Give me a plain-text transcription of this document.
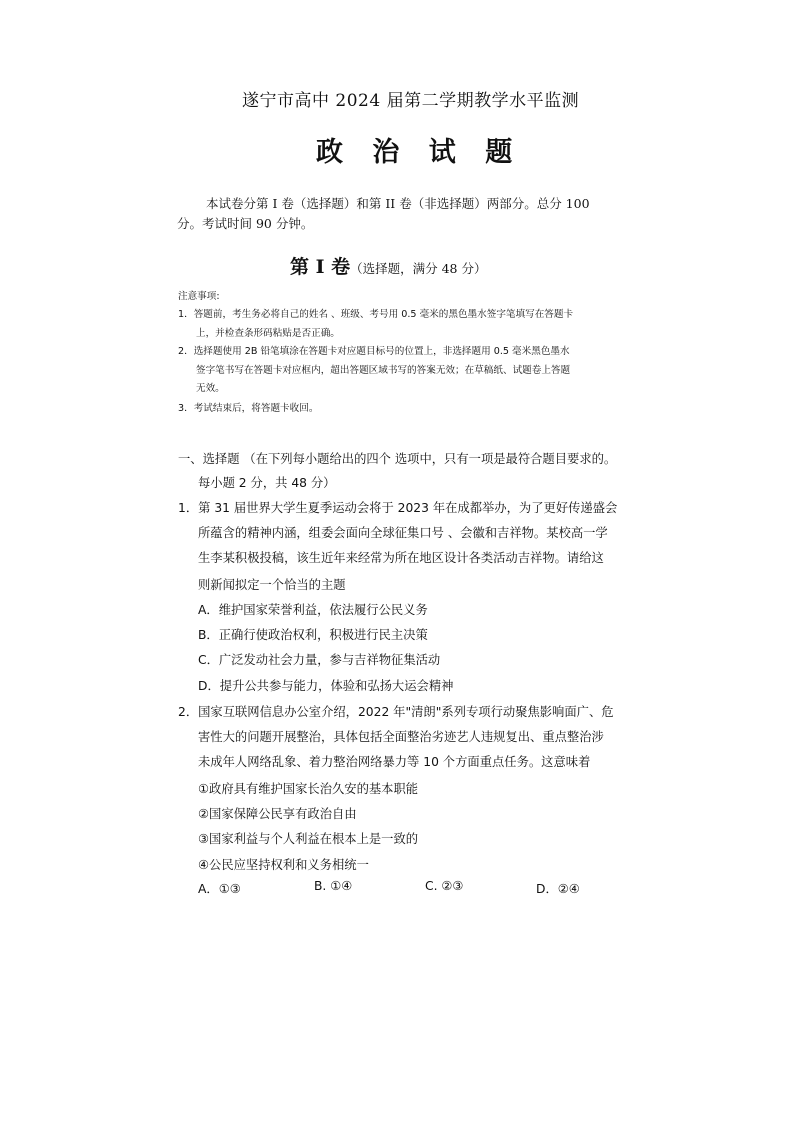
遂宁市高中 2024 届第二学期教学水平监测
政 治 试 题
本试卷分第 I 卷（选择题）和第 II 卷（非选择题）两部分。总分 100
分。考试时间 90 分钟。
第 Ⅰ 卷（选择题，满分 48 分）
注意事项:
1．答题前，考生务必将自己的姓名 、班级、考号用 0.5 毫米的黑色墨水签字笔填写在答题卡
上，并检查条形码粘贴是否正确。
2．选择题使用 2B 铅笔填涂在答题卡对应题目标号的位置上，非选择题用 0.5 毫米黑色墨水
签字笔书写在答题卡对应框内，超出答题区域书写的答案无效；在草稿纸、试题卷上答题
无效。
3．考试结束后，将答题卡收回。
一、选择题 （在下列每小题给出的四个 选项中，只有一项是最符合题目要求的。
每小题 2 分，共 48 分）
1．第 31 届世界大学生夏季运动会将于 2023 年在成都举办，为了更好传递盛会
所蕴含的精神内涵，组委会面向全球征集口号 、会徽和吉祥物。某校高一学
生李某积极投稿，该生近年来经常为所在地区设计各类活动吉祥物。请给这
则新闻拟定一个恰当的主题
A．维护国家荣誉利益，依法履行公民义务
B．正确行使政治权利，积极进行民主决策
C．广泛发动社会力量，参与吉祥物征集活动
D．提升公共参与能力，体验和弘扬大运会精神
2．国家互联网信息办公室介绍，2022 年"清朗"系列专项行动聚焦影响面广、危
害性大的问题开展整治，具体包括全面整治劣迹艺人违规复出、重点整治涉
未成年人网络乱象、着力整治网络暴力等 10 个方面重点任务。这意味着
①政府具有维护国家长治久安的基本职能
②国家保障公民享有政治自由
③国家利益与个人利益在根本上是一致的
④公民应坚持权利和义务相统一
A．①③	B. ①④	C. ②③	D．②④
